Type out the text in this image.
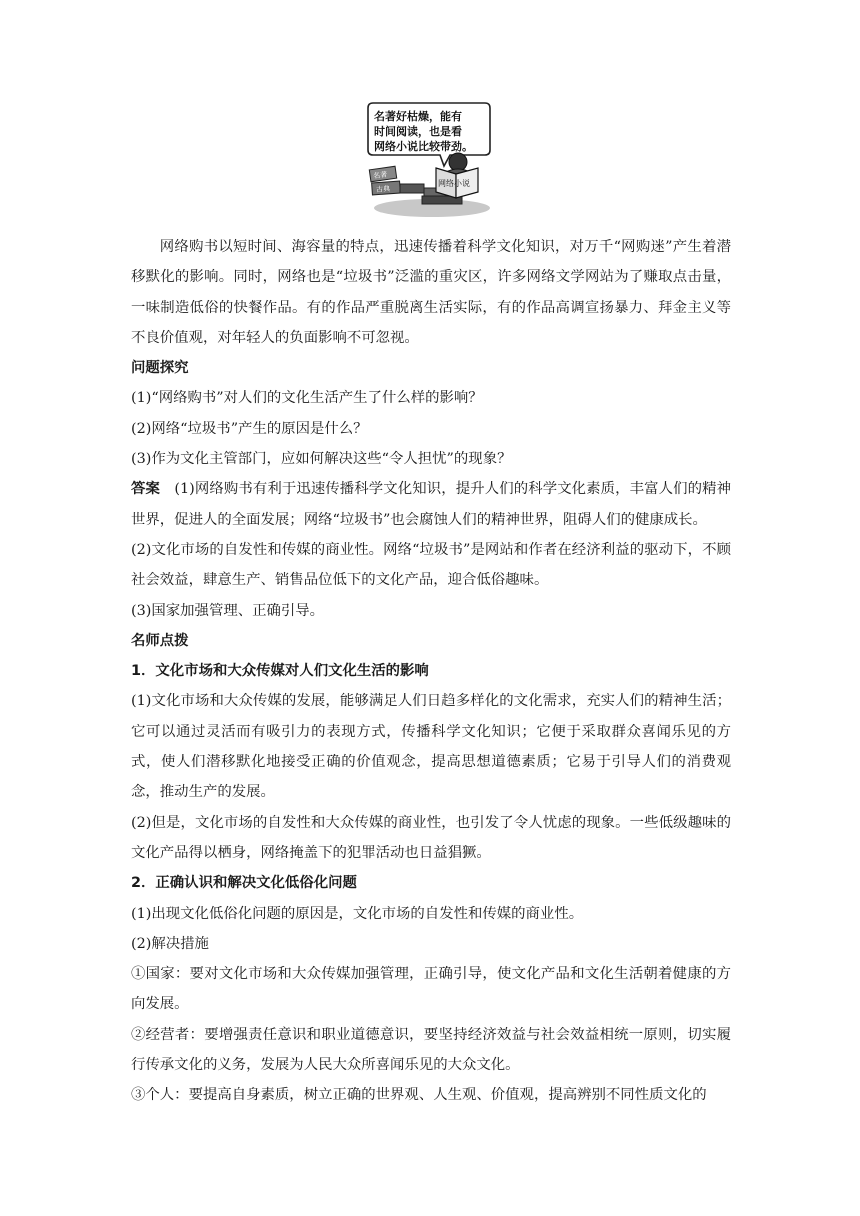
名著好枯燥，能有
时间阅读，也是看
网络小说比较带劲。
名著
古典
网络小说

网络购书以短时间、海容量的特点，迅速传播着科学文化知识，对万千“网购迷”产生着潜移默化的影响。同时，网络也是“垃圾书”泛滥的重灾区，许多网络文学网站为了赚取点击量，一味制造低俗的快餐作品。有的作品严重脱离生活实际，有的作品高调宣扬暴力、拜金主义等不良价值观，对年轻人的负面影响不可忽视。

问题探究

(1)“网络购书”对人们的文化生活产生了什么样的影响？

(2)网络“垃圾书”产生的原因是什么？

(3)作为文化主管部门，应如何解决这些“令人担忧”的现象？

答案 (1)网络购书有利于迅速传播科学文化知识，提升人们的科学文化素质，丰富人们的精神世界，促进人的全面发展；网络“垃圾书”也会腐蚀人们的精神世界，阻碍人们的健康成长。

(2)文化市场的自发性和传媒的商业性。网络“垃圾书”是网站和作者在经济利益的驱动下，不顾社会效益，肆意生产、销售品位低下的文化产品，迎合低俗趣味。

(3)国家加强管理、正确引导。

名师点拨

1．文化市场和大众传媒对人们文化生活的影响

(1)文化市场和大众传媒的发展，能够满足人们日趋多样化的文化需求，充实人们的精神生活；它可以通过灵活而有吸引力的表现方式，传播科学文化知识；它便于采取群众喜闻乐见的方式，使人们潜移默化地接受正确的价值观念，提高思想道德素质；它易于引导人们的消费观念，推动生产的发展。

(2)但是，文化市场的自发性和大众传媒的商业性，也引发了令人忧虑的现象。一些低级趣味的文化产品得以栖身，网络掩盖下的犯罪活动也日益猖獗。

2．正确认识和解决文化低俗化问题

(1)出现文化低俗化问题的原因是，文化市场的自发性和传媒的商业性。

(2)解决措施

①国家：要对文化市场和大众传媒加强管理，正确引导，使文化产品和文化生活朝着健康的方向发展。

②经营者：要增强责任意识和职业道德意识，要坚持经济效益与社会效益相统一原则，切实履行传承文化的义务，发展为人民大众所喜闻乐见的大众文化。

③个人：要提高自身素质，树立正确的世界观、人生观、价值观，提高辨别不同性质文化的
